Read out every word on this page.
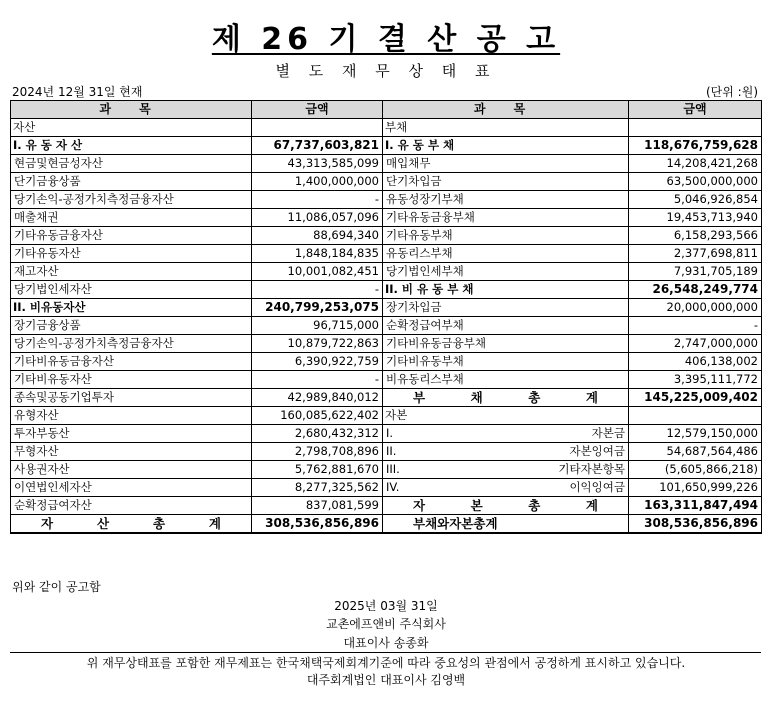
제 26 기 결 산 공 고
별 도 재 무 상 태 표
2024년 12월 31일 현재	(단위 :원)
과 목	금액	과 목	금액
자산		부채	
I. 유 동 자 산	67,737,603,821	I. 유 동 부 채	118,676,759,628
현금및현금성자산	43,313,585,099	매입채무	14,208,421,268
단기금융상품	1,400,000,000	단기차입금	63,500,000,000
당기손익-공정가치측정금융자산	-	유동성장기부채	5,046,926,854
매출채권	11,086,057,096	기타유동금융부채	19,453,713,940
기타유동금융자산	88,694,340	기타유동부채	6,158,293,566
기타유동자산	1,848,184,835	유동리스부채	2,377,698,811
재고자산	10,001,082,451	당기법인세부채	7,931,705,189
당기법인세자산	-	II. 비 유 동 부 채	26,548,249,774
II. 비유동자산	240,799,253,075	장기차입금	20,000,000,000
장기금융상품	96,715,000	순확정급여부채	-
당기손익-공정가치측정금융자산	10,879,722,863	기타비유동금융부채	2,747,000,000
기타비유동금융자산	6,390,922,759	기타비유동부채	406,138,002
기타비유동자산	-	비유동리스부채	3,395,111,772
종속및공동기업투자	42,989,840,012	부 채 총 계	145,225,009,402
유형자산	160,085,622,402	자본	
투자부동산	2,680,432,312	I. 자본금	12,579,150,000
무형자산	2,798,708,896	II. 자본잉여금	54,687,564,486
사용권자산	5,762,881,670	III. 기타자본항목	(5,605,866,218)
이연법인세자산	8,277,325,562	IV. 이익잉여금	101,650,999,226
순확정급여자산	837,081,599	자 본 총 계	163,311,847,494
자 산 총 계	308,536,856,896	부채와자본총계	308,536,856,896
위와 같이 공고함
2025년 03월 31일
교촌에프앤비 주식회사
대표이사 송종화
위 재무상태표를 포함한 재무제표는 한국채택국제회계기준에 따라 중요성의 관점에서 공정하게 표시하고 있습니다.
대주회계법인 대표이사 김영백
